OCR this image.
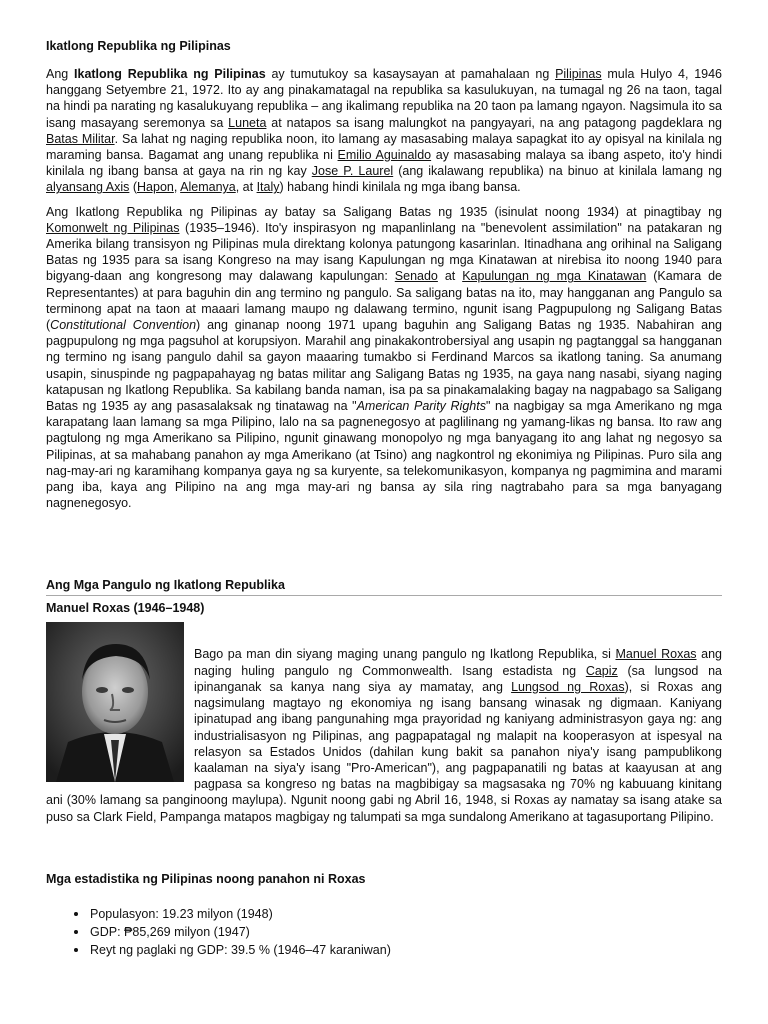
Ikatlong Republika ng Pilipinas

Ang Ikatlong Republika ng Pilipinas ay tumutukoy sa kasaysayan at pamahalaan ng Pilipinas mula Hulyo 4, 1946 hanggang Setyembre 21, 1972. Ito ay ang pinakamatagal na republika sa kasulukuyan, na tumagal ng 26 na taon, tagal na hindi pa narating ng kasalukuyang republika – ang ikalimang republika na 20 taon pa lamang ngayon. Nagsimula ito sa isang masayang seremonya sa Luneta at natapos sa isang malungkot na pangyayari, na ang patagong pagdeklara ng Batas Militar. Sa lahat ng naging republika noon, ito lamang ay masasabing malaya sapagkat ito ay opisyal na kinilala ng maraming bansa. Bagamat ang unang republika ni Emilio Aguinaldo ay masasabing malaya sa ibang aspeto, ito'y hindi kinilala ng ibang bansa at gaya na rin ng kay Jose P. Laurel (ang ikalawang republika) na binuo at kinilala lamang ng alyansang Axis (Hapon, Alemanya, at Italy) habang hindi kinilala ng mga ibang bansa.

Ang Ikatlong Republika ng Pilipinas ay batay sa Saligang Batas ng 1935 (isinulat noong 1934) at pinagtibay ng Komonwelt ng Pilipinas (1935–1946). Ito'y inspirasyon ng mapanlinlang na "benevolent assimilation" na patakaran ng Amerika bilang transisyon ng Pilipinas mula direktang kolonya patungong kasarinlan. Itinadhana ang orihinal na Saligang Batas ng 1935 para sa isang Kongreso na may isang Kapulungan ng mga Kinatawan at nirebisa ito noong 1940 para bigyang-daan ang kongresong may dalawang kapulungan: Senado at Kapulungan ng mga Kinatawan (Kamara de Representantes) at para baguhin din ang termino ng pangulo. Sa saligang batas na ito, may hangganan ang Pangulo sa terminong apat na taon at maaari lamang maupo ng dalawang termino, ngunit isang Pagpupulong ng Saligang Batas (Constitutional Convention) ang ginanap noong 1971 upang baguhin ang Saligang Batas ng 1935. Nabahiran ang pagpupulong ng mga pagsuhol at korupsiyon. Marahil ang pinakakontrobersiyal ang usapin ng pagtanggal sa hangganan ng termino ng isang pangulo dahil sa gayon maaaring tumakbo si Ferdinand Marcos sa ikatlong taning. Sa anumang usapin, sinuspinde ng pagpapahayag ng batas militar ang Saligang Batas ng 1935, na gaya nang nasabi, siyang naging katapusan ng Ikatlong Republika. Sa kabilang banda naman, isa pa sa pinakamalaking bagay na nagpabago sa Saligang Batas ng 1935 ay ang pasasalaksak ng tinatawag na "American Parity Rights" na nagbigay sa mga Amerikano ng mga karapatang laan lamang sa mga Pilipino, lalo na sa pagnenegosyo at paglilinang ng yamang-likas ng bansa. Ito raw ang pagtulong ng mga Amerikano sa Pilipino, ngunit ginawang monopolyo ng mga banyagang ito ang lahat ng negosyo sa Pilipinas, at sa mahabang panahon ay mga Amerikano (at Tsino) ang nagkontrol ng ekonimiya ng Pilipinas. Puro sila ang nag-may-ari ng karamihang kompanya gaya ng sa kuryente, sa telekomunikasyon, kompanya ng pagmimina and marami pang iba, kaya ang Pilipino na ang mga may-ari ng bansa ay sila ring nagtrabaho para sa mga banyagang nagnenegosyo.

Ang Mga Pangulo ng Ikatlong Republika
Manuel Roxas (1946–1948)

Bago pa man din siyang maging unang pangulo ng Ikatlong Republika, si Manuel Roxas ang naging huling pangulo ng Commonwealth. Isang estadista ng Capiz (sa lungsod na ipinanganak sa kanya nang siya ay mamatay, ang Lungsod ng Roxas), si Roxas ang nagsimulang magtayo ng ekonomiya ng isang bansang winasak ng digmaan. Kaniyang ipinatupad ang ibang pangunahing mga prayoridad ng kaniyang administrasyon gaya ng: ang industrialisasyon ng Pilipinas, ang pagpapatagal ng malapit na kooperasyon at ispesyal na relasyon sa Estados Unidos (dahilan kung bakit sa panahon niya'y isang pampublikong kaalaman na siya'y isang "Pro-American"), ang pagpapanatili ng batas at kaayusan at ang pagpasa sa kongreso ng batas na magbibigay sa magsasaka ng 70% ng kabuuang kinitang ani (30% lamang sa panginoong maylupa). Ngunit noong gabi ng Abril 16, 1948, si Roxas ay namatay sa isang atake sa puso sa Clark Field, Pampanga matapos magbigay ng talumpati sa mga sundalong Amerikano at tagasuportang Pilipino.

Mga estadistika ng Pilipinas noong panahon ni Roxas
Populasyon: 19.23 milyon (1948)
GDP: ₱85,269 milyon (1947)
Reyt ng paglaki ng GDP: 39.5 % (1946–47 karaniwan)
